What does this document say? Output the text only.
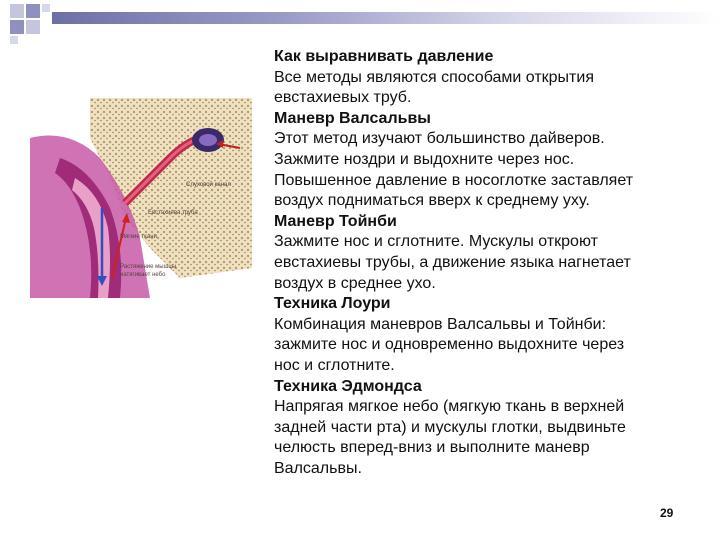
Слуховой канал
Евстахиева труба
Мягкие ткани
Растяжение мышцы
натягивает небо

Как выравнивать давление

Все методы являются способами открытия

евстахиевых труб.

Маневр Валсальвы

Этот метод изучают большинство дайверов.

Зажмите ноздри и выдохните через нос.

Повышенное давление в носоглотке заставляет

воздух подниматься вверх к среднему уху.

Маневр Тойнби

Зажмите нос и сглотните. Мускулы откроют

евстахиевы трубы, а движение языка нагнетает

воздух в среднее ухо.

Техника Лоури

Комбинация маневров Валсальвы и Тойнби:

зажмите нос и одновременно выдохните через

нос и сглотните.

Техника Эдмондса

Напрягая мягкое небо (мягкую ткань в верхней

задней части рта) и мускулы глотки, выдвиньте

челюсть вперед-вниз и выполните маневр

Валсальвы.

29
